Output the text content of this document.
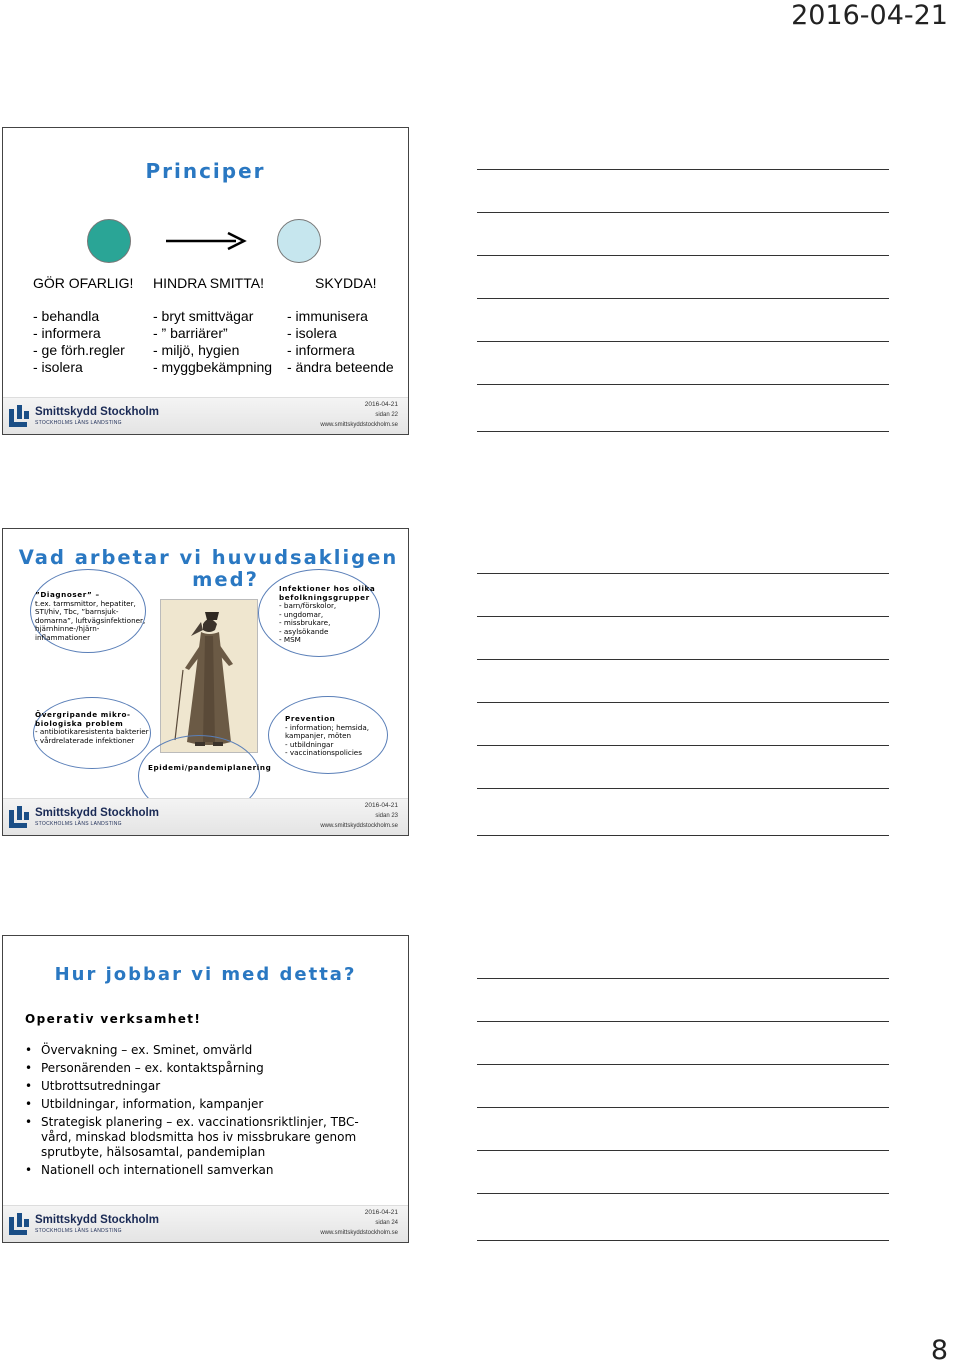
2016-04-21
Principer
GÖR OFARLIG! HINDRA SMITTA!	SKYDDA!
- behandla
- informera
- ge förh.regler
- isolera
- bryt smittvägar
- ” barriärer”
- miljö, hygien
- myggbekämpning
- immunisera
- isolera
- informera
- ändra beteende
Smittskydd Stockholm
STOCKHOLMS LÄNS LANDSTING
2016-04-21
sidan 22
www.smittskyddstockholm.se
Vad arbetar vi huvudsakligen
med?
”Diagnoser” –
t.ex. tarmsmittor, hepatiter,
STI/hiv, Tbc, ”barnsjuk-
domarna”, luftvägsinfektioner,
hjärnhinne-/hjärn-
inflammationer
Infektioner hos olika
befolkningsgrupper
- barn/förskolor,
- ungdomar,
- missbrukare,
- asylsökande
- MSM
Övergripande mikro-
biologiska problem
- antibiotikaresistenta bakterier
- vårdrelaterade infektioner
Prevention
- information; hemsida,
kampanjer, möten
- utbildningar
- vaccinationspolicies
Epidemi/pandemiplanering
Smittskydd Stockholm
STOCKHOLMS LÄNS LANDSTING
2016-04-21
sidan 23
www.smittskyddstockholm.se
Hur jobbar vi med detta?
Operativ verksamhet!
• Övervakning – ex. Sminet, omvärld
• Personärenden – ex. kontaktspårning
• Utbrottsutredningar
• Utbildningar, information, kampanjer
• Strategisk planering – ex. vaccinationsriktlinjer, TBC-vård, minskad blodsmitta hos iv missbrukare genom sprutbyte, hälsosamtal, pandemiplan
• Nationell och internationell samverkan
Smittskydd Stockholm
STOCKHOLMS LÄNS LANDSTING
2016-04-21
sidan 24
www.smittskyddstockholm.se
8
